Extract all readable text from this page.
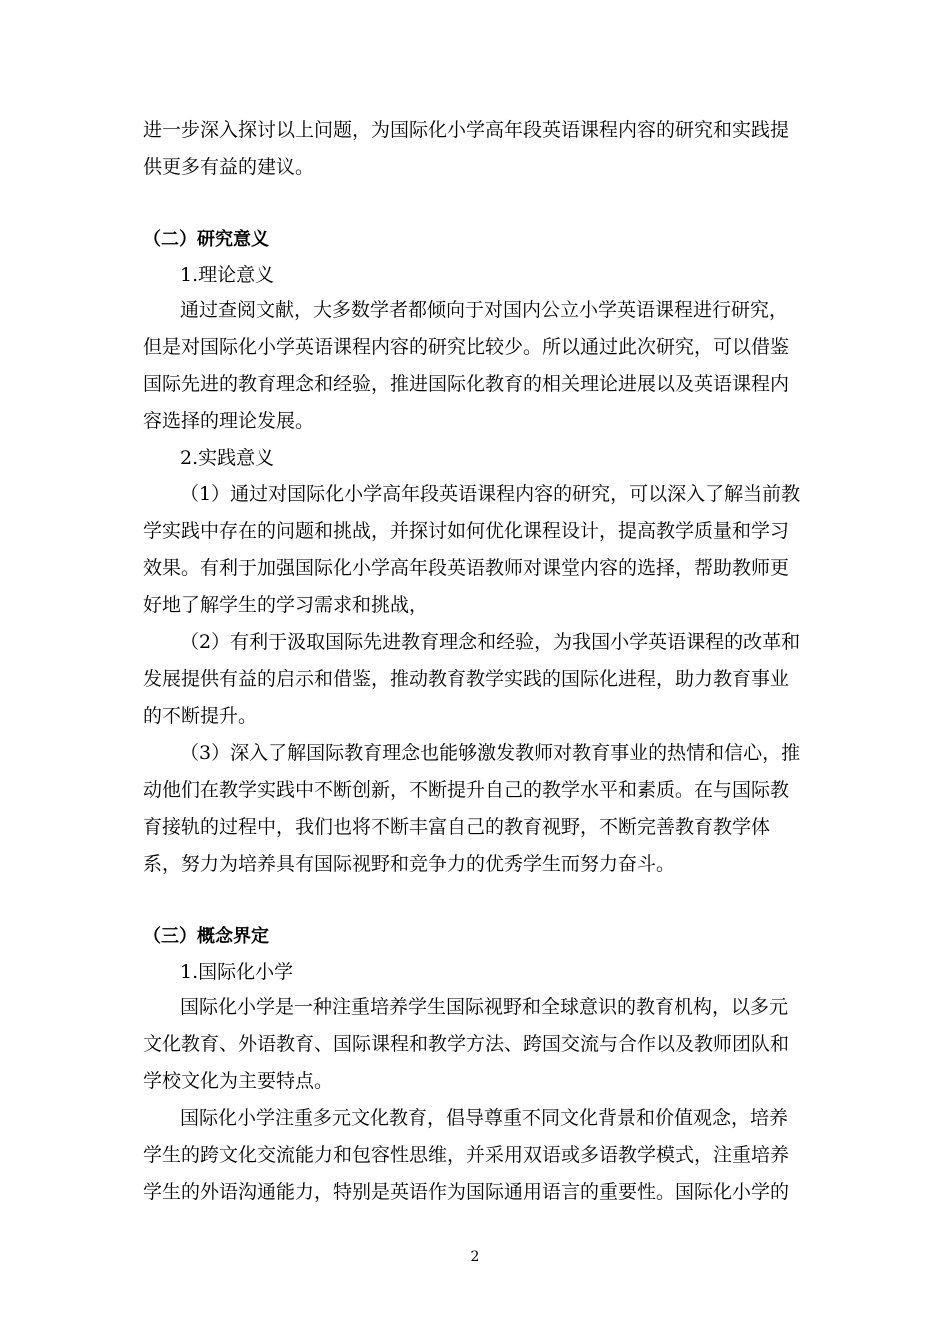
进一步深入探讨以上问题，为国际化小学高年段英语课程内容的研究和实践提
供更多有益的建议。
（二）研究意义
1.理论意义
通过查阅文献，大多数学者都倾向于对国内公立小学英语课程进行研究，
但是对国际化小学英语课程内容的研究比较少。所以通过此次研究，可以借鉴
国际先进的教育理念和经验，推进国际化教育的相关理论进展以及英语课程内
容选择的理论发展。
2.实践意义
（1）通过对国际化小学高年段英语课程内容的研究，可以深入了解当前教
学实践中存在的问题和挑战，并探讨如何优化课程设计，提高教学质量和学习
效果。有利于加强国际化小学高年段英语教师对课堂内容的选择，帮助教师更
好地了解学生的学习需求和挑战，
（2）有利于汲取国际先进教育理念和经验，为我国小学英语课程的改革和
发展提供有益的启示和借鉴，推动教育教学实践的国际化进程，助力教育事业
的不断提升。
（3）深入了解国际教育理念也能够激发教师对教育事业的热情和信心，推
动他们在教学实践中不断创新，不断提升自己的教学水平和素质。在与国际教
育接轨的过程中，我们也将不断丰富自己的教育视野，不断完善教育教学体
系，努力为培养具有国际视野和竞争力的优秀学生而努力奋斗。
（三）概念界定
1.国际化小学
国际化小学是一种注重培养学生国际视野和全球意识的教育机构，以多元
文化教育、外语教育、国际课程和教学方法、跨国交流与合作以及教师团队和
学校文化为主要特点。
国际化小学注重多元文化教育，倡导尊重不同文化背景和价值观念，培养
学生的跨文化交流能力和包容性思维，并采用双语或多语教学模式，注重培养
学生的外语沟通能力，特别是英语作为国际通用语言的重要性。国际化小学的
2
